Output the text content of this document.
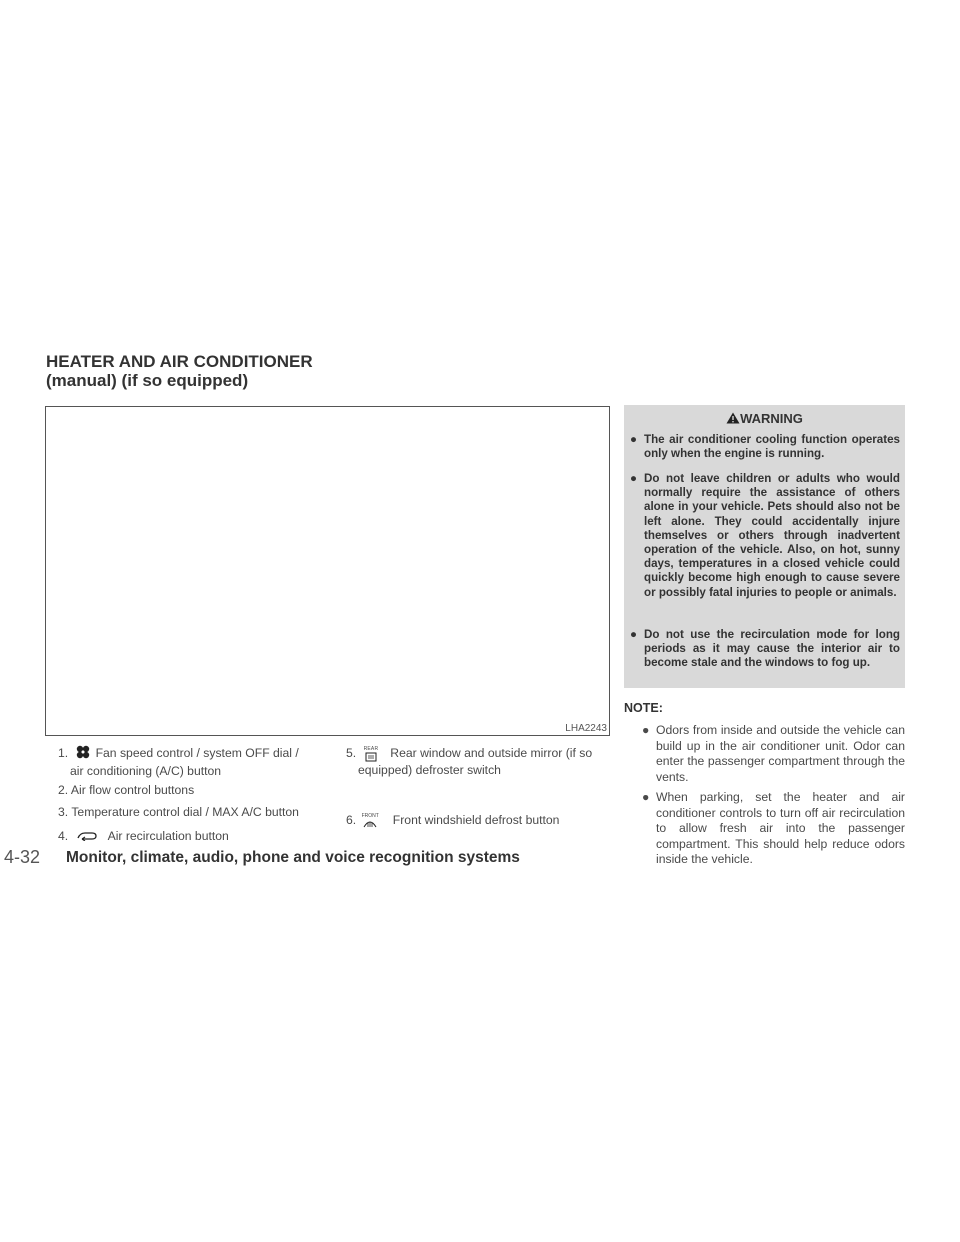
HEATER AND AIR CONDITIONER
(manual) (if so equipped)
LHA2243
1. Fan speed control / system OFF dial /
air conditioning (A/C) button
2. Air flow control buttons
3. Temperature control dial / MAX A/C button
4.	Air recirculation button
5. REAR Rear window and outside mirror (if so
equipped) defroster switch
6. FRONT Front windshield defrost button
WARNING
● The air conditioner cooling function operates only when the engine is running.
● Do not leave children or adults who would normally require the assistance of others alone in your vehicle. Pets should also not be left alone. They could accidentally injure themselves or others through inadvertent operation of the vehicle. Also, on hot, sunny days, temperatures in a closed vehicle could quickly become high enough to cause severe or possibly fatal injuries to people or animals.
● Do not use the recirculation mode for long periods as it may cause the interior air to become stale and the windows to fog up.
NOTE:
● Odors from inside and outside the vehicle can build up in the air conditioner unit. Odor can enter the passenger compartment through the vents.
● When parking, set the heater and air conditioner controls to turn off air recirculation to allow fresh air into the passenger compartment. This should help reduce odors inside the vehicle.
4-32 Monitor, climate, audio, phone and voice recognition systems
